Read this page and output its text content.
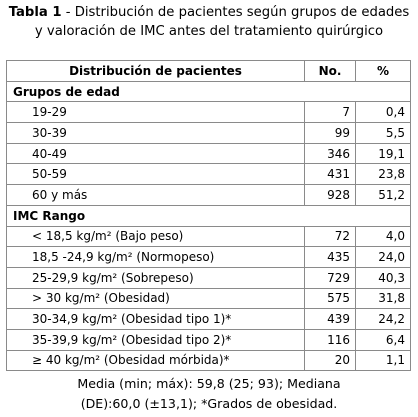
Tabla 1 - Distribución de pacientes según grupos de edades
y valoración de IMC antes del tratamiento quirúrgico
Distribución de pacientes	No.	%
Grupos de edad		
19-29	7	0,4
30-39	99	5,5
40-49	346	19,1
50-59	431	23,8
60 y más	928	51,2
IMC Rango		
< 18,5 kg/m² (Bajo peso)	72	4,0
18,5 -24,9 kg/m² (Normopeso)	435	24,0
25-29,9 kg/m² (Sobrepeso)	729	40,3
> 30 kg/m² (Obesidad)	575	31,8
30-34,9 kg/m² (Obesidad tipo 1)*	439	24,2
35-39,9 kg/m² (Obesidad tipo 2)*	116	6,4
≥ 40 kg/m² (Obesidad mórbida)*	20	1,1
Media (min; máx): 59,8 (25; 93); Mediana
(DE):60,0 (±13,1); *Grados de obesidad.
